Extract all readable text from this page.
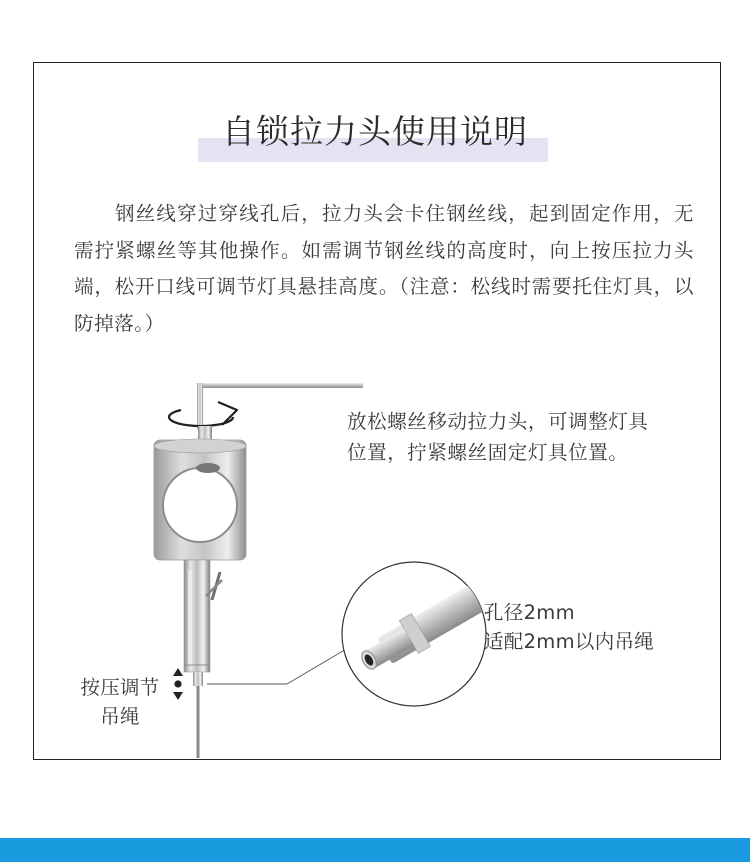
自锁拉力头使用说明

钢丝线穿过穿线孔后，拉力头会卡住钢丝线，起到固定作用，无需拧紧螺丝等其他操作。如需调节钢丝线的高度时，向上按压拉力头端，松开口线可调节灯具悬挂高度。（注意：松线时需要托住灯具，以防掉落。）

放松螺丝移动拉力头，可调整灯具
位置，拧紧螺丝固定灯具位置。
孔径2mm
适配2mm以内吊绳
按压调节
吊绳
